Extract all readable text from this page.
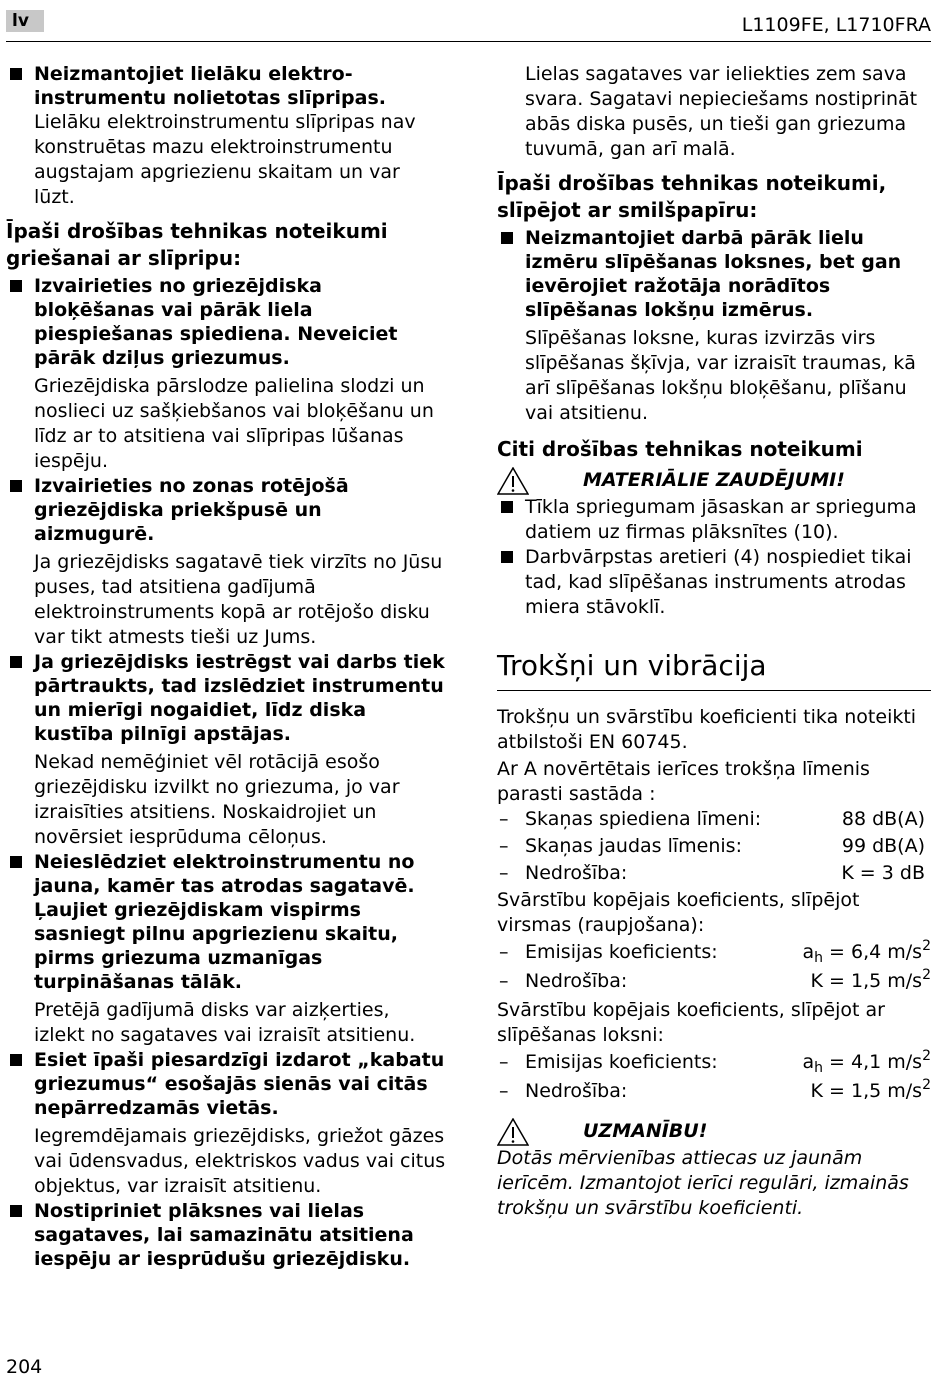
lv	L1109FE, L1710FRA
Neizmantojiet lielāku elektro-instrumentu nolietotas slīpripas.
Lielāku elektroinstrumentu slīpripas nav konstruētas mazu elektroinstrumentu augstajam apgriezienu skaitam un var lūzt.
Īpaši drošības tehnikas noteikumi griešanai ar slīpripu:
Izvairieties no griezējdiska bloķēšanas vai pārāk liela piespiešanas spiediena. Neveiciet pārāk dziļus griezumus.
Griezējdiska pārslodze palielina slodzi un noslieci uz sašķiebšanos vai bloķēšanu un līdz ar to atsitiena vai slīpripas lūšanas iespēju.
Izvairieties no zonas rotējošā griezējdiska priekšpusē un aizmugurē.
Ja griezējdisks sagatavē tiek virzīts no Jūsu puses, tad atsitiena gadījumā elektroinstruments kopā ar rotējošo disku var tikt atmests tieši uz Jums.
Ja griezējdisks iestrēgst vai darbs tiek pārtraukts, tad izslēdziet instrumentu un mierīgi nogaidiet, līdz diska kustība pilnīgi apstājas.
Nekad nemēģiniet vēl rotācijā esošo griezējdisku izvilkt no griezuma, jo var izraisīties atsitiens. Noskaidrojiet un novērsiet iesprūduma cēloņus.
Neieslēdziet elektroinstrumentu no jauna, kamēr tas atrodas sagatavē. Ļaujiet griezējdiskam vispirms sasniegt pilnu apgriezienu skaitu, pirms griezuma uzmanīgas turpināšanas tālāk.
Pretējā gadījumā disks var aizķerties, izlekt no sagataves vai izraisīt atsitienu.
Esiet īpaši piesardzīgi izdarot „kabatu griezumus“ esošajās sienās vai citās nepārredzamās vietās.
Iegremdējamais griezējdisks, griežot gāzes vai ūdensvadus, elektriskos vadus vai citus objektus, var izraisīt atsitienu.
Nostipriniet plāksnes vai lielas sagataves, lai samazinātu atsitiena iespēju ar iesprūdušu griezējdisku.
Lielas sagataves var ieliekties zem sava svara. Sagatavi nepieciešams nostiprināt abās diska pusēs, un tieši gan griezuma tuvumā, gan arī malā.
Īpaši drošības tehnikas noteikumi, slīpējot ar smilšpapīru:
Neizmantojiet darbā pārāk lielu izmēru slīpēšanas loksnes, bet gan ievērojiet ražotāja norādītos slīpēšanas lokšņu izmērus.
Slīpēšanas loksne, kuras izvirzās virs slīpēšanas šķīvja, var izraisīt traumas, kā arī slīpēšanas lokšņu bloķēšanu, plīšanu vai atsitienu.
Citi drošības tehnikas noteikumi
MATERIĀLIE ZAUDĒJUMI!
Tīkla spriegumam jāsaskan ar sprieguma datiem uz firmas plāksnītes (10).
Darbvārpstas aretieri (4) nospiediet tikai tad, kad slīpēšanas instruments atrodas miera stāvoklī.
Trokšņi un vibrācija
Trokšņu un svārstību koeficienti tika noteikti atbilstoši EN 60745.
Ar A novērtētais ierīces trokšņa līmenis parasti sastāda :
– Skaņas spiediena līmeni:	88 dB(A)
– Skaņas jaudas līmenis:	99 dB(A)
– Nedrošība:	K = 3 dB
Svārstību kopējais koeficients, slīpējot virsmas (raupjošana):
– Emisijas koeficients:	$a_h = 6,4$ $m/s^2$
– Nedrošība:	K = 1,5 $m/s^2$
Svārstību kopējais koeficients, slīpējot ar slīpēšanas loksni:
– Emisijas koeficients:	$a_h = 4,1$ $m/s^2$
– Nedrošība:	K = 1,5 $m/s^2$
UZMANĪBU!
Dotās mērvienības attiecas uz jaunām ierīcēm. Izmantojot ierīci regulāri, izmainās trokšņu un svārstību koeficienti.
204
